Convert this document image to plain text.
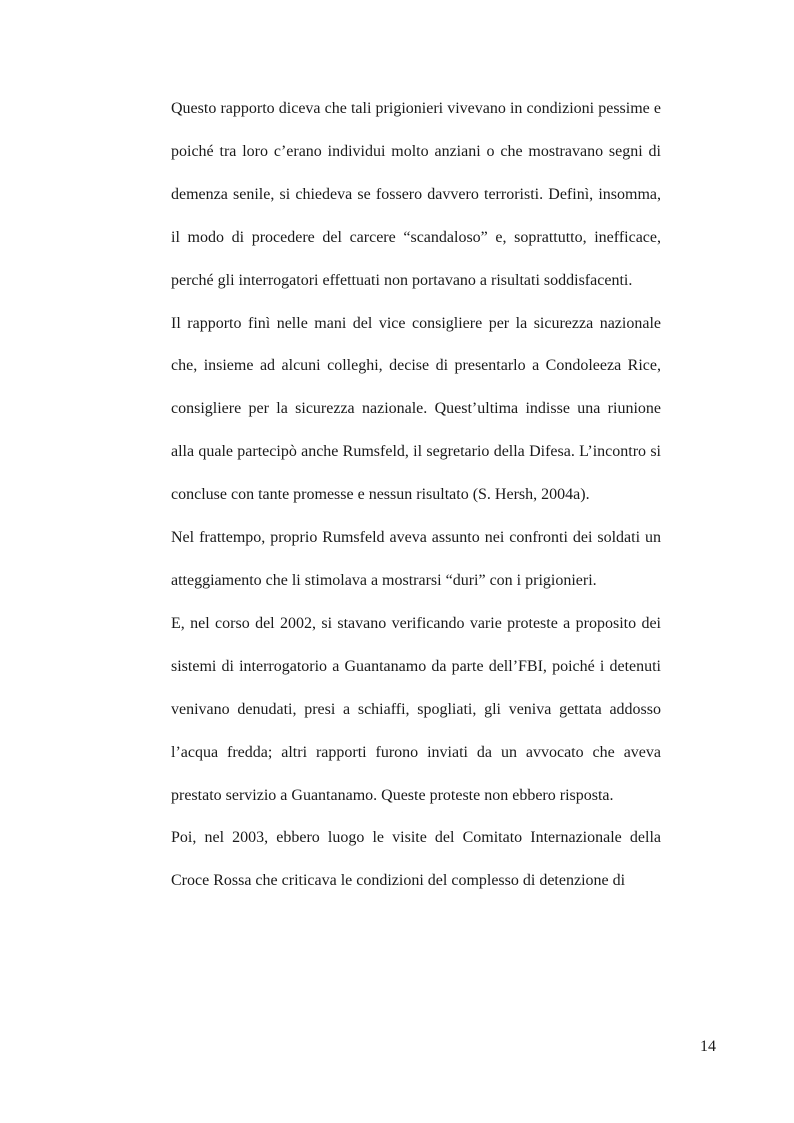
Questo rapporto diceva che tali prigionieri vivevano in condizioni pessime e poiché tra loro c’erano individui molto anziani o che mostravano segni di demenza senile, si chiedeva se fossero davvero terroristi. Definì, insomma, il modo di procedere del carcere “scandaloso” e, soprattutto, inefficace, perché gli interrogatori effettuati non portavano a risultati soddisfacenti.

Il rapporto finì nelle mani del vice consigliere per la sicurezza nazionale che, insieme ad alcuni colleghi, decise di presentarlo a Condoleeza Rice, consigliere per la sicurezza nazionale. Quest’ultima indisse una riunione alla quale partecipò anche Rumsfeld, il segretario della Difesa. L’incontro si concluse con tante promesse e nessun risultato (S. Hersh, 2004a).

Nel frattempo, proprio Rumsfeld aveva assunto nei confronti dei soldati un atteggiamento che li stimolava a mostrarsi “duri” con i prigionieri.

E, nel corso del 2002, si stavano verificando varie proteste a proposito dei sistemi di interrogatorio a Guantanamo da parte dell’FBI, poiché i detenuti venivano denudati, presi a schiaffi, spogliati, gli veniva gettata addosso l’acqua fredda; altri rapporti furono inviati da un avvocato che aveva prestato servizio a Guantanamo. Queste proteste non ebbero risposta.

Poi, nel 2003, ebbero luogo le visite del Comitato Internazionale della Croce Rossa che criticava le condizioni del complesso di detenzione di

14
